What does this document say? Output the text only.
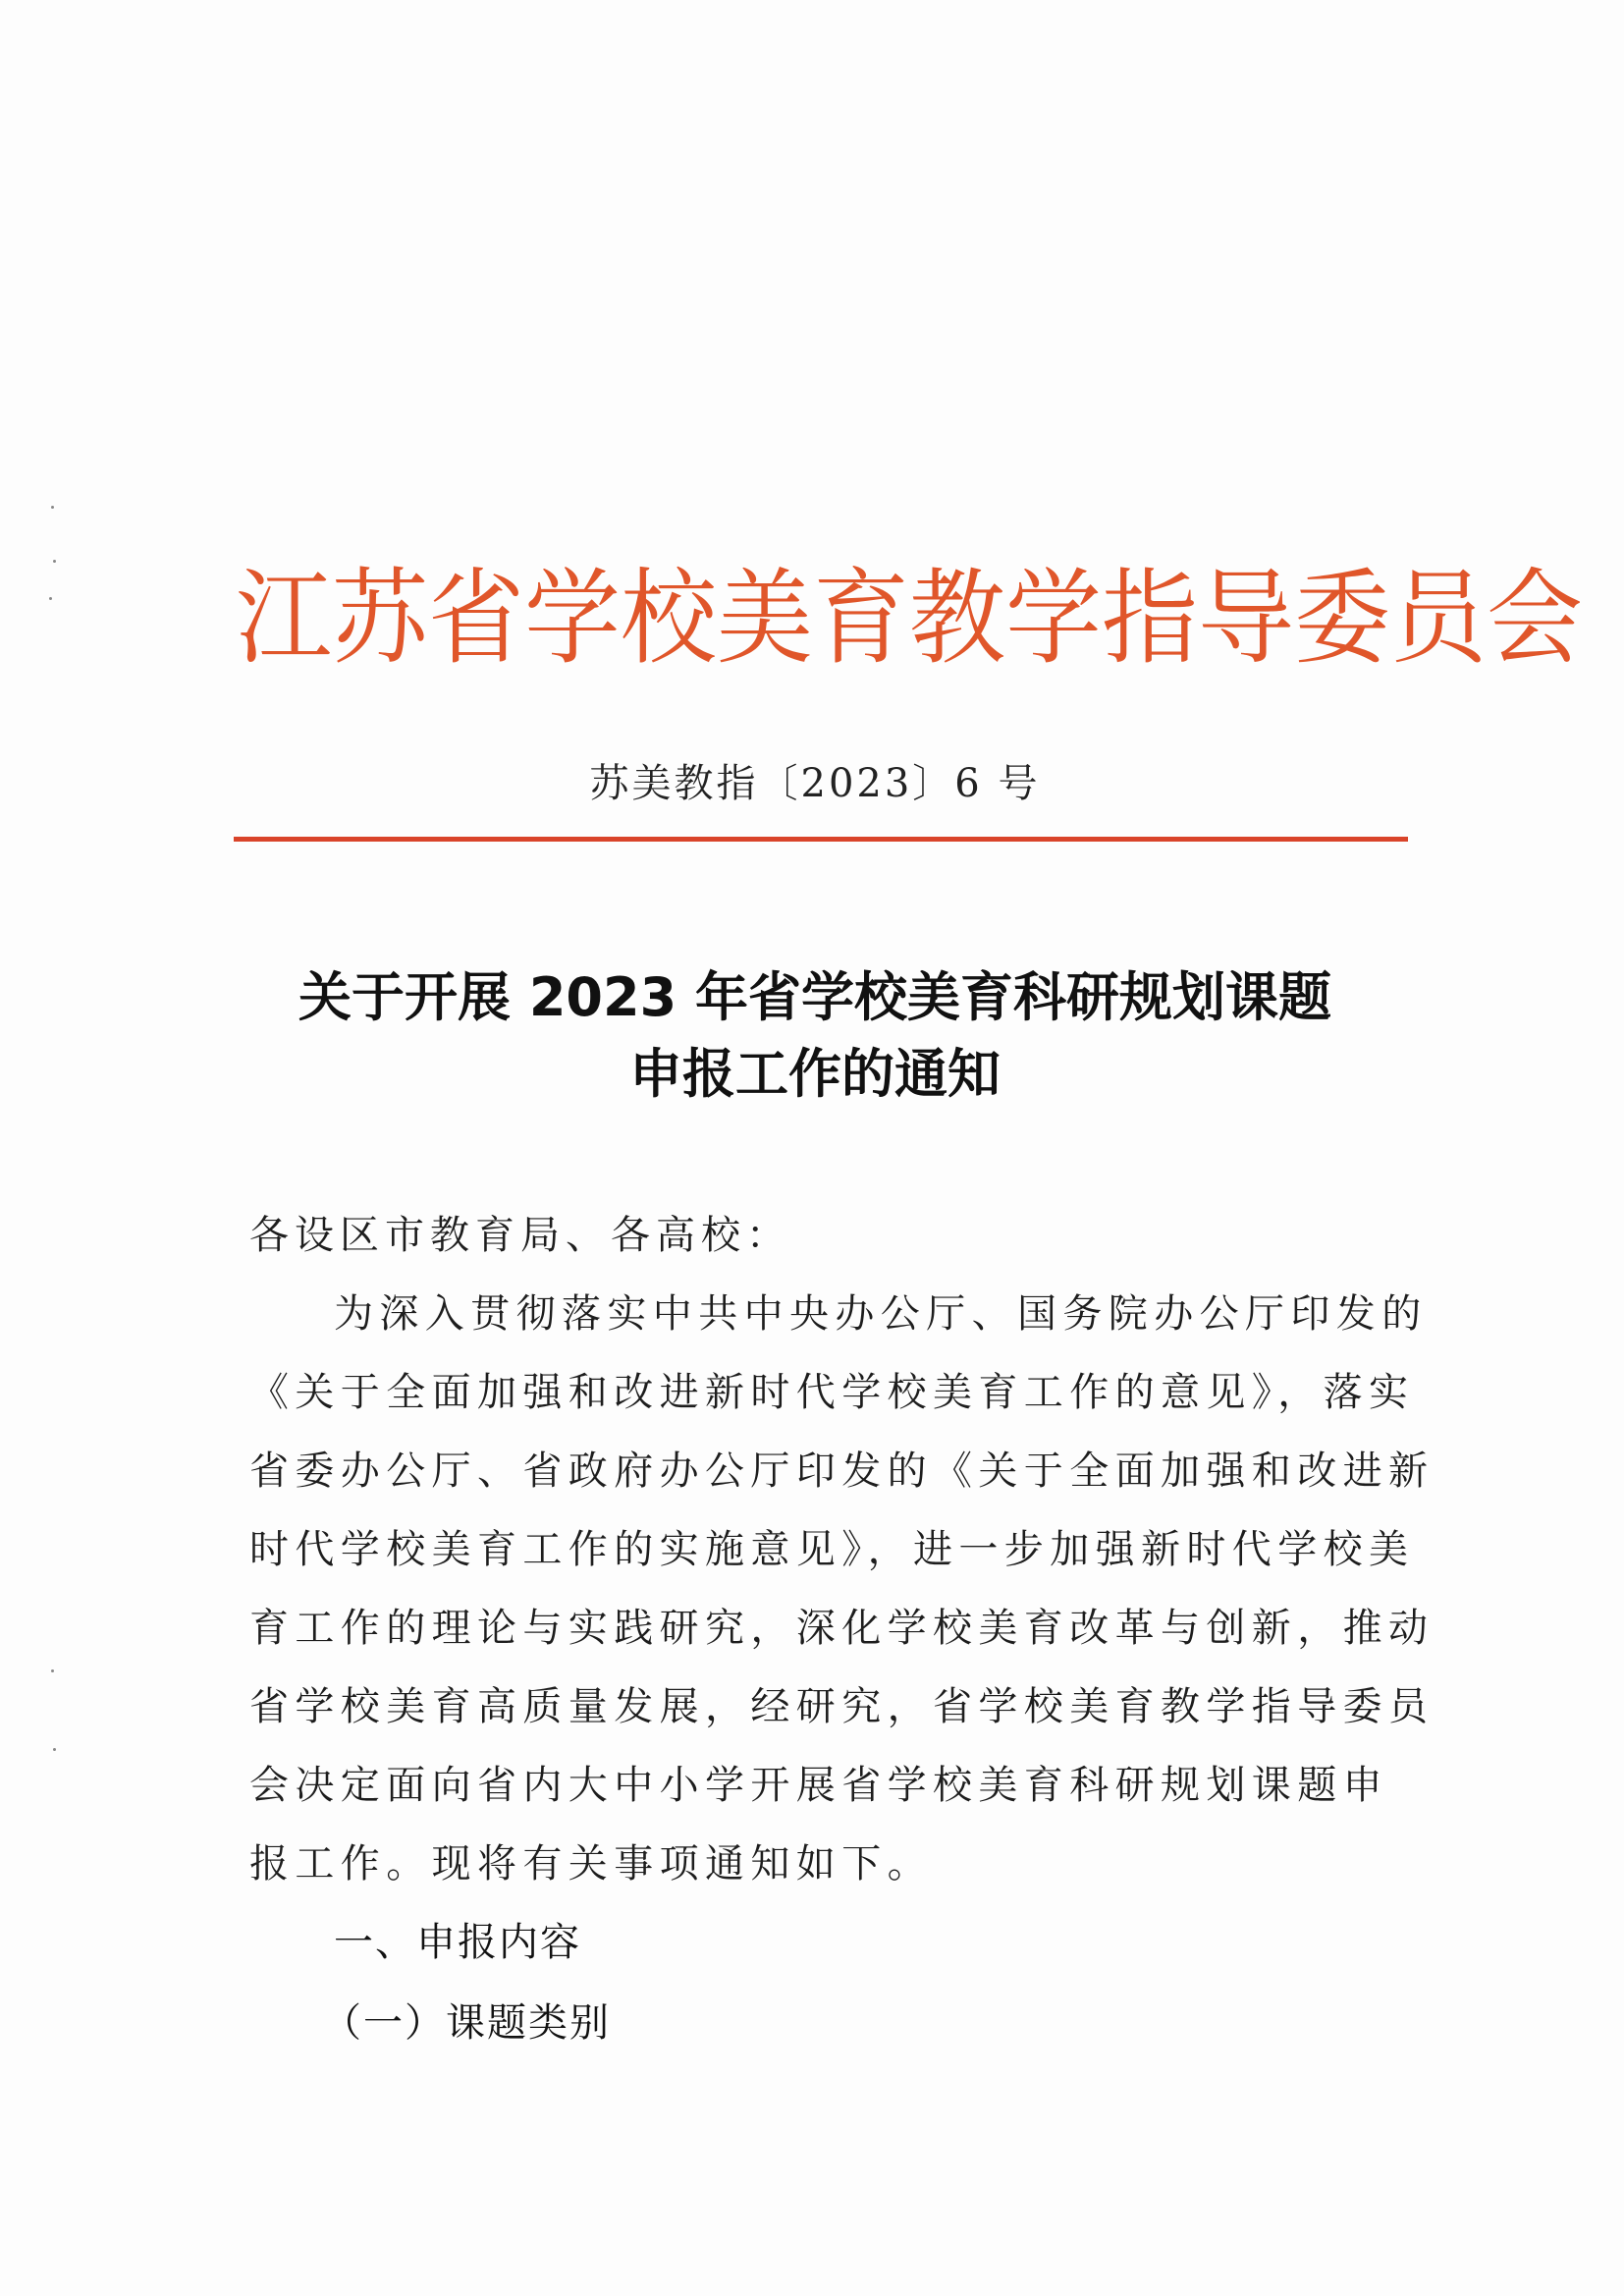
江苏省学校美育教学指导委员会
苏美教指〔2023〕6 号
关于开展 2023 年省学校美育科研规划课题
申报工作的通知
各设区市教育局、各高校：
为深入贯彻落实中共中央办公厅、国务院办公厅印发的
《关于全面加强和改进新时代学校美育工作的意见》，落实
省委办公厅、省政府办公厅印发的《关于全面加强和改进新
时代学校美育工作的实施意见》，进一步加强新时代学校美
育工作的理论与实践研究，深化学校美育改革与创新，推动
省学校美育高质量发展，经研究，省学校美育教学指导委员
会决定面向省内大中小学开展省学校美育科研规划课题申
报工作。现将有关事项通知如下。
一、申报内容
（一）课题类别
